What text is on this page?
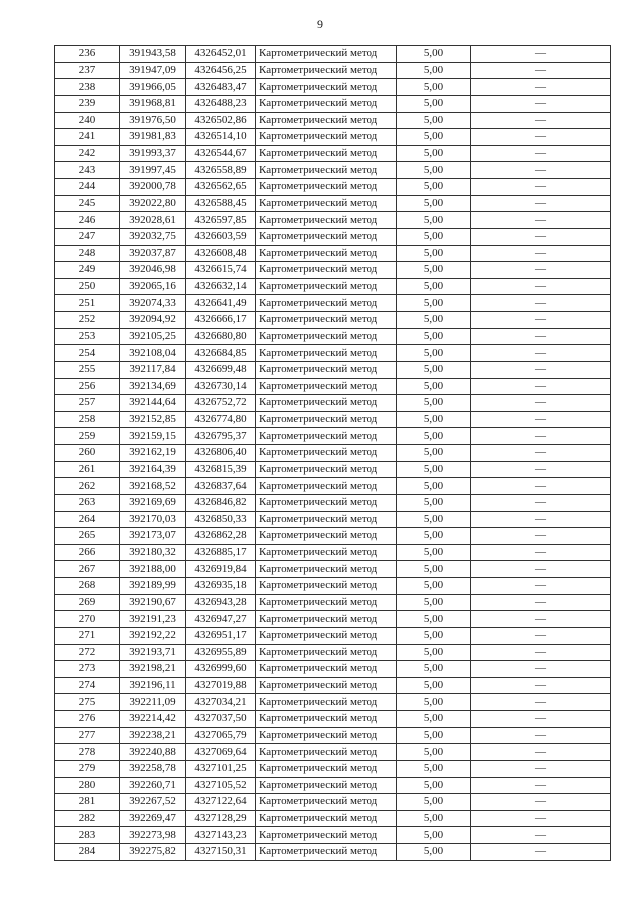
9
236	391943,58	4326452,01	Картометрический метод	5,00	—
237	391947,09	4326456,25	Картометрический метод	5,00	—
238	391966,05	4326483,47	Картометрический метод	5,00	—
239	391968,81	4326488,23	Картометрический метод	5,00	—
240	391976,50	4326502,86	Картометрический метод	5,00	—
241	391981,83	4326514,10	Картометрический метод	5,00	—
242	391993,37	4326544,67	Картометрический метод	5,00	—
243	391997,45	4326558,89	Картометрический метод	5,00	—
244	392000,78	4326562,65	Картометрический метод	5,00	—
245	392022,80	4326588,45	Картометрический метод	5,00	—
246	392028,61	4326597,85	Картометрический метод	5,00	—
247	392032,75	4326603,59	Картометрический метод	5,00	—
248	392037,87	4326608,48	Картометрический метод	5,00	—
249	392046,98	4326615,74	Картометрический метод	5,00	—
250	392065,16	4326632,14	Картометрический метод	5,00	—
251	392074,33	4326641,49	Картометрический метод	5,00	—
252	392094,92	4326666,17	Картометрический метод	5,00	—
253	392105,25	4326680,80	Картометрический метод	5,00	—
254	392108,04	4326684,85	Картометрический метод	5,00	—
255	392117,84	4326699,48	Картометрический метод	5,00	—
256	392134,69	4326730,14	Картометрический метод	5,00	—
257	392144,64	4326752,72	Картометрический метод	5,00	—
258	392152,85	4326774,80	Картометрический метод	5,00	—
259	392159,15	4326795,37	Картометрический метод	5,00	—
260	392162,19	4326806,40	Картометрический метод	5,00	—
261	392164,39	4326815,39	Картометрический метод	5,00	—
262	392168,52	4326837,64	Картометрический метод	5,00	—
263	392169,69	4326846,82	Картометрический метод	5,00	—
264	392170,03	4326850,33	Картометрический метод	5,00	—
265	392173,07	4326862,28	Картометрический метод	5,00	—
266	392180,32	4326885,17	Картометрический метод	5,00	—
267	392188,00	4326919,84	Картометрический метод	5,00	—
268	392189,99	4326935,18	Картометрический метод	5,00	—
269	392190,67	4326943,28	Картометрический метод	5,00	—
270	392191,23	4326947,27	Картометрический метод	5,00	—
271	392192,22	4326951,17	Картометрический метод	5,00	—
272	392193,71	4326955,89	Картометрический метод	5,00	—
273	392198,21	4326999,60	Картометрический метод	5,00	—
274	392196,11	4327019,88	Картометрический метод	5,00	—
275	392211,09	4327034,21	Картометрический метод	5,00	—
276	392214,42	4327037,50	Картометрический метод	5,00	—
277	392238,21	4327065,79	Картометрический метод	5,00	—
278	392240,88	4327069,64	Картометрический метод	5,00	—
279	392258,78	4327101,25	Картометрический метод	5,00	—
280	392260,71	4327105,52	Картометрический метод	5,00	—
281	392267,52	4327122,64	Картометрический метод	5,00	—
282	392269,47	4327128,29	Картометрический метод	5,00	—
283	392273,98	4327143,23	Картометрический метод	5,00	—
284	392275,82	4327150,31	Картометрический метод	5,00	—
